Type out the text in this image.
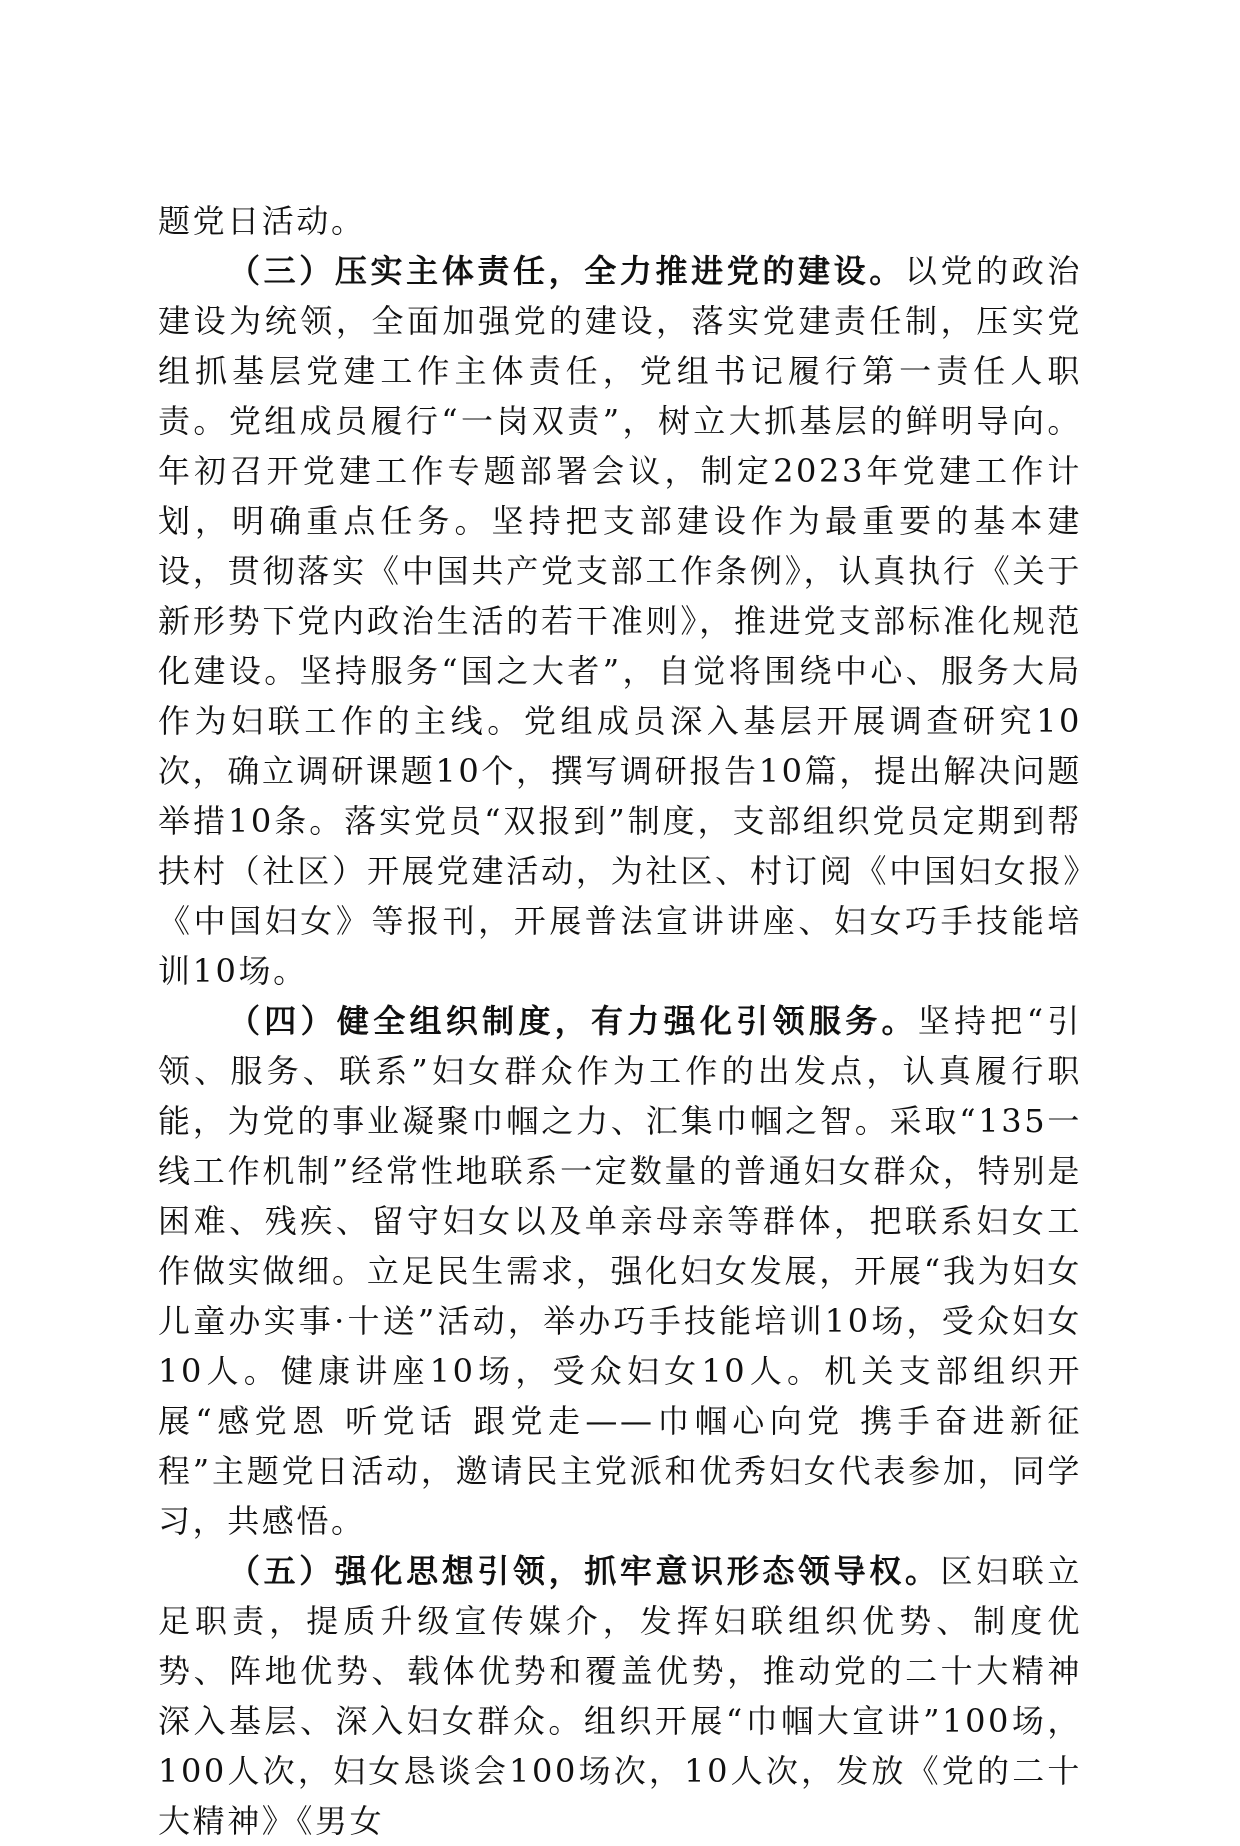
题党日活动。

（三）压实主体责任，全力推进党的建设。以党的政治建设为统领，全面加强党的建设，落实党建责任制，压实党组抓基层党建工作主体责任，党组书记履行第一责任人职责。党组成员履行“一岗双责”，树立大抓基层的鲜明导向。年初召开党建工作专题部署会议，制定2023年党建工作计划，明确重点任务。坚持把支部建设作为最重要的基本建设，贯彻落实《中国共产党支部工作条例》，认真执行《关于新形势下党内政治生活的若干准则》，推进党支部标准化规范化建设。坚持服务“国之大者”，自觉将围绕中心、服务大局作为妇联工作的主线。党组成员深入基层开展调查研究10次，确立调研课题10个，撰写调研报告10篇，提出解决问题举措10条。落实党员“双报到”制度，支部组织党员定期到帮扶村（社区）开展党建活动，为社区、村订阅《中国妇女报》《中国妇女》等报刊，开展普法宣讲讲座、妇女巧手技能培训10场。

（四）健全组织制度，有力强化引领服务。坚持把“引领、服务、联系”妇女群众作为工作的出发点，认真履行职能，为党的事业凝聚巾帼之力、汇集巾帼之智。采取“135一线工作机制”经常性地联系一定数量的普通妇女群众，特别是困难、残疾、留守妇女以及单亲母亲等群体，把联系妇女工作做实做细。立足民生需求，强化妇女发展，开展“我为妇女儿童办实事·十送”活动，举办巧手技能培训10场，受众妇女10人。健康讲座10场，受众妇女10人。机关支部组织开展“感党恩 听党话 跟党走——巾帼心向党 携手奋进新征程”主题党日活动，邀请民主党派和优秀妇女代表参加，同学习，共感悟。

（五）强化思想引领，抓牢意识形态领导权。区妇联立足职责，提质升级宣传媒介，发挥妇联组织优势、制度优势、阵地优势、载体优势和覆盖优势，推动党的二十大精神深入基层、深入妇女群众。组织开展“巾帼大宣讲”100场，100人次，妇女恳谈会100场次，10人次，发放《党的二十大精神》《男女
